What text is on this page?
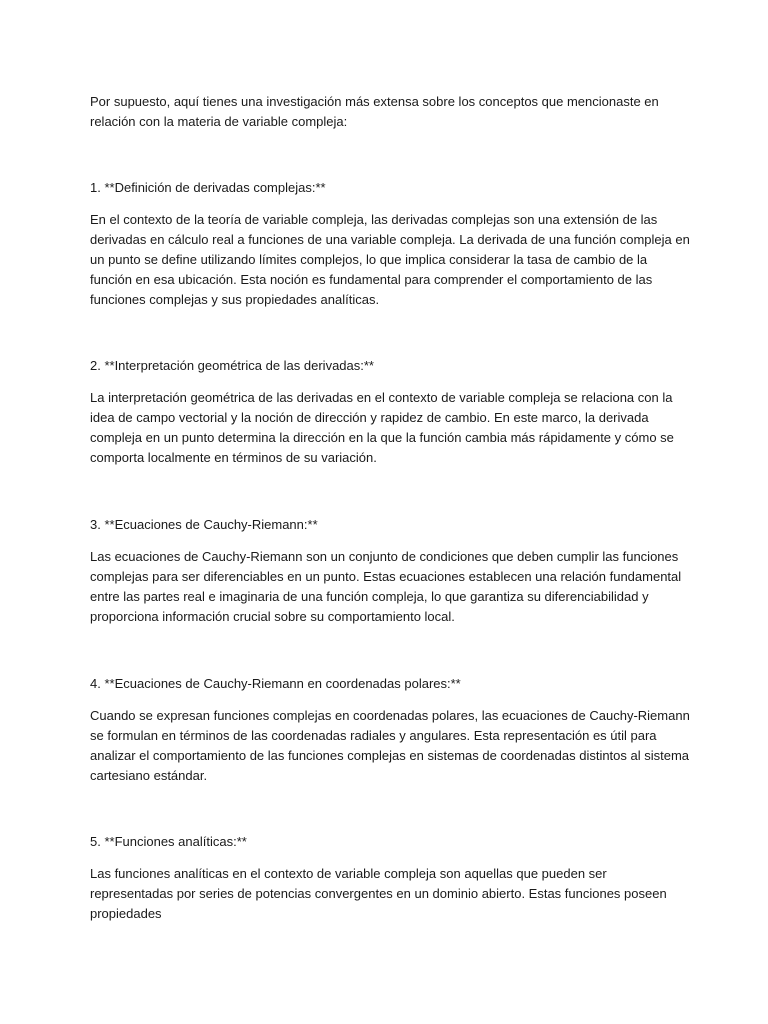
Por supuesto, aquí tienes una investigación más extensa sobre los conceptos que mencionaste en relación con la materia de variable compleja:

1. **Definición de derivadas complejas:**

En el contexto de la teoría de variable compleja, las derivadas complejas son una extensión de las derivadas en cálculo real a funciones de una variable compleja. La derivada de una función compleja en un punto se define utilizando límites complejos, lo que implica considerar la tasa de cambio de la función en esa ubicación. Esta noción es fundamental para comprender el comportamiento de las funciones complejas y sus propiedades analíticas.

2. **Interpretación geométrica de las derivadas:**

La interpretación geométrica de las derivadas en el contexto de variable compleja se relaciona con la idea de campo vectorial y la noción de dirección y rapidez de cambio. En este marco, la derivada compleja en un punto determina la dirección en la que la función cambia más rápidamente y cómo se comporta localmente en términos de su variación.

3. **Ecuaciones de Cauchy-Riemann:**

Las ecuaciones de Cauchy-Riemann son un conjunto de condiciones que deben cumplir las funciones complejas para ser diferenciables en un punto. Estas ecuaciones establecen una relación fundamental entre las partes real e imaginaria de una función compleja, lo que garantiza su diferenciabilidad y proporciona información crucial sobre su comportamiento local.

4. **Ecuaciones de Cauchy-Riemann en coordenadas polares:**

Cuando se expresan funciones complejas en coordenadas polares, las ecuaciones de Cauchy-Riemann se formulan en términos de las coordenadas radiales y angulares. Esta representación es útil para analizar el comportamiento de las funciones complejas en sistemas de coordenadas distintos al sistema cartesiano estándar.

5. **Funciones analíticas:**

Las funciones analíticas en el contexto de variable compleja son aquellas que pueden ser representadas por series de potencias convergentes en un dominio abierto. Estas funciones poseen propiedades
